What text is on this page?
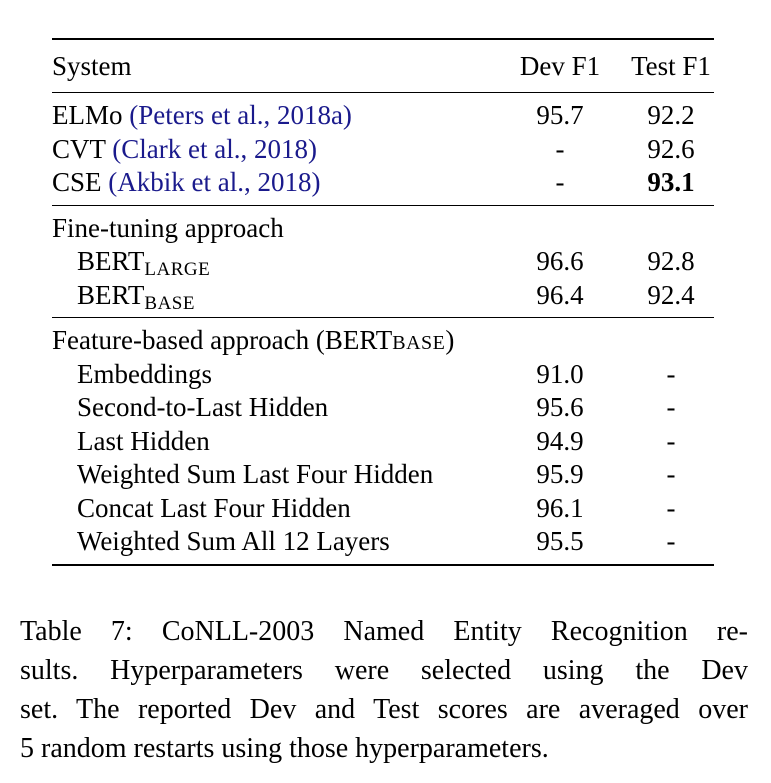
System	Dev F1	Test F1
ELMo (Peters et al., 2018a)	95.7	92.2
CVT (Clark et al., 2018)	-	92.6
CSE (Akbik et al., 2018)	-	93.1
Fine-tuning approach
$BERT_{LARGE}$	96.6	92.8
$BERT_{BASE}$	96.4	92.4
Feature-based approach (BERTBASE)
Embeddings	91.0	-
Second-to-Last Hidden	95.6	-
Last Hidden	94.9	-
Weighted Sum Last Four Hidden	95.9	-
Concat Last Four Hidden	96.1	-
Weighted Sum All 12 Layers	95.5	-
Table 7: CoNLL-2003 Named Entity Recognition re-
sults. Hyperparameters were selected using the Dev
set. The reported Dev and Test scores are averaged over
5 random restarts using those hyperparameters.
